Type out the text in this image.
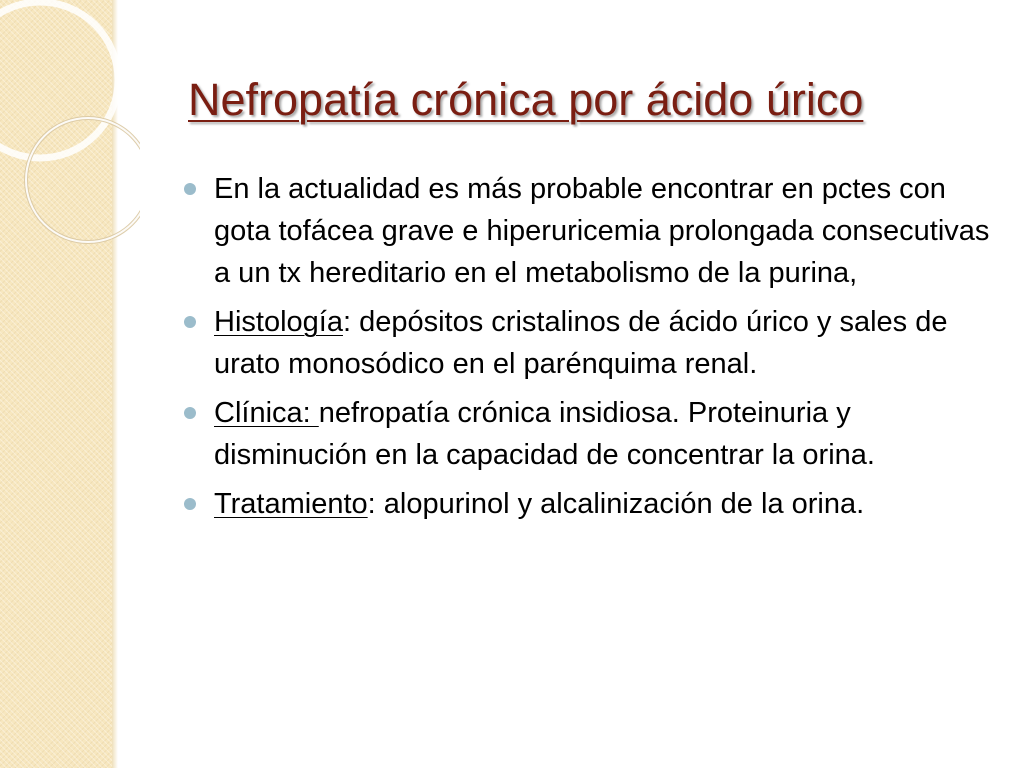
Nefropatía crónica por ácido úrico
En la actualidad es más probable encontrar en pctes con gota tofácea grave e hiperuricemia prolongada consecutivas a un tx hereditario en el metabolismo de la purina,
Histología: depósitos cristalinos de ácido úrico y sales de urato monosódico en el parénquima renal.
Clínica: nefropatía crónica insidiosa. Proteinuria y disminución en la capacidad de concentrar la orina.
Tratamiento: alopurinol y alcalinización de la orina.
